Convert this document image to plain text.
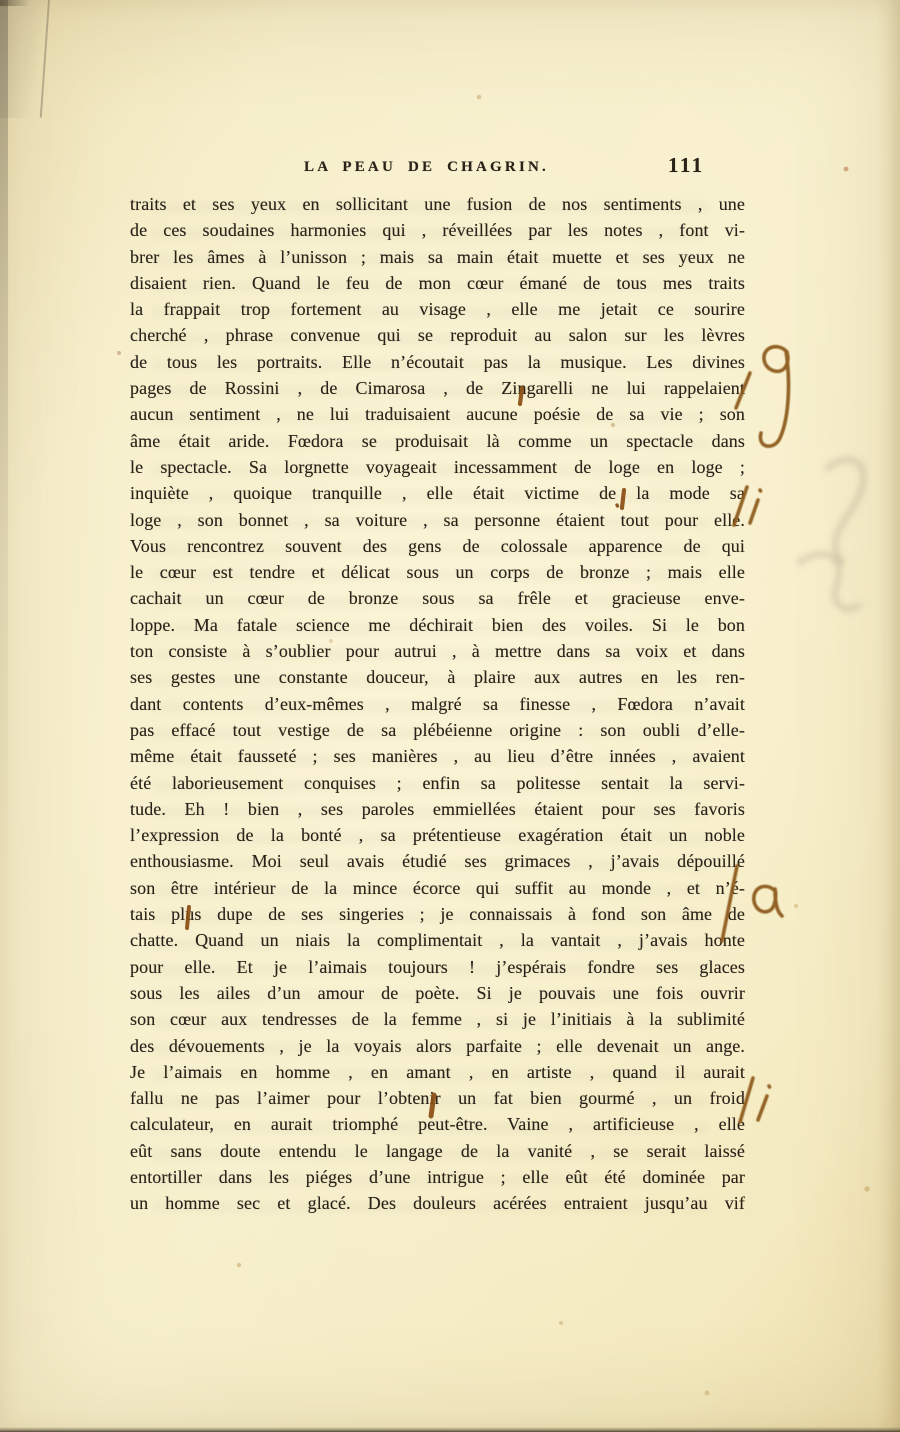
LA PEAU DE CHAGRIN.	111
traits et ses yeux en sollicitant une fusion de nos sentiments , une
de ces soudaines harmonies qui , réveillées par les notes , font vi-
brer les âmes à l’unisson ; mais sa main était muette et ses yeux ne
disaient rien. Quand le feu de mon cœur émané de tous mes traits
la frappait trop fortement au visage , elle me jetait ce sourire
cherché , phrase convenue qui se reproduit au salon sur les lèvres
de tous les portraits. Elle n’écoutait pas la musique. Les divines
pages de Rossini , de Cimarosa , de Zingarelli ne lui rappelaient
aucun sentiment , ne lui traduisaient aucune poésie de sa vie ; son
âme était aride. Fœdora se produisait là comme un spectacle dans
le spectacle. Sa lorgnette voyageait incessamment de loge en loge ;
inquiète , quoique tranquille , elle était victime de la mode sa
loge , son bonnet , sa voiture , sa personne étaient tout pour elle.
Vous rencontrez souvent des gens de colossale apparence de qui
le cœur est tendre et délicat sous un corps de bronze ; mais elle
cachait un cœur de bronze sous sa frêle et gracieuse enve-
loppe. Ma fatale science me déchirait bien des voiles. Si le bon
ton consiste à s’oublier pour autrui , à mettre dans sa voix et dans
ses gestes une constante douceur, à plaire aux autres en les ren-
dant contents d’eux-mêmes , malgré sa finesse , Fœdora n’avait
pas effacé tout vestige de sa plébéienne origine : son oubli d’elle-
même était fausseté ; ses manières , au lieu d’être innées , avaient
été laborieusement conquises ; enfin sa politesse sentait la servi-
tude. Eh ! bien , ses paroles emmiellées étaient pour ses favoris
l’expression de la bonté , sa prétentieuse exagération était un noble
enthousiasme. Moi seul avais étudié ses grimaces , j’avais dépouillé
son être intérieur de la mince écorce qui suffit au monde , et n’é-
tais plus dupe de ses singeries ; je connaissais à fond son âme de
chatte. Quand un niais la complimentait , la vantait , j’avais honte
pour elle. Et je l’aimais toujours ! j’espérais fondre ses glaces
sous les ailes d’un amour de poète. Si je pouvais une fois ouvrir
son cœur aux tendresses de la femme , si je l’initiais à la sublimité
des dévouements , je la voyais alors parfaite ; elle devenait un ange.
Je l’aimais en homme , en amant , en artiste , quand il aurait
fallu ne pas l’aimer pour l’obtenir un fat bien gourmé , un froid
calculateur, en aurait triomphé peut-être. Vaine , artificieuse , elle
eût sans doute entendu le langage de la vanité , se serait laissé
entortiller dans les piéges d’une intrigue ; elle eût été dominée par
un homme sec et glacé. Des douleurs acérées entraient jusqu’au vif
